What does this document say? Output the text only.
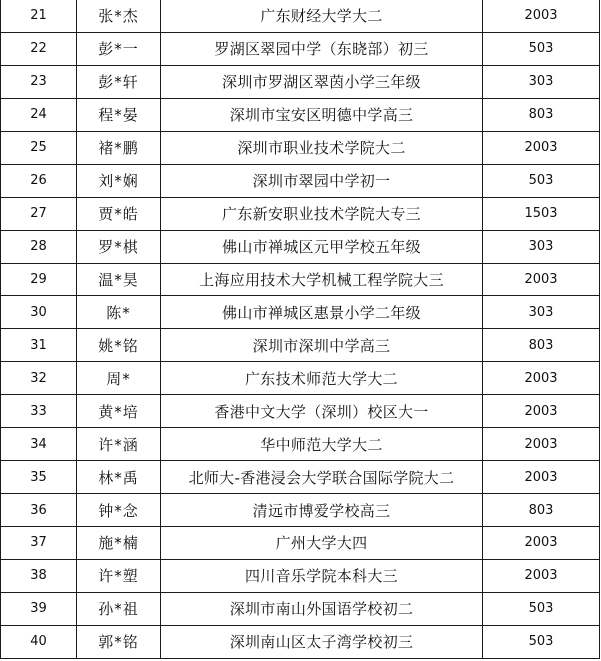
21	张*杰	广东财经大学大二	2003
22	彭*一	罗湖区翠园中学（东晓部）初三	503
23	彭*轩	深圳市罗湖区翠茵小学三年级	303
24	程*晏	深圳市宝安区明德中学高三	803
25	褚*鹏	深圳市职业技术学院大二	2003
26	刘*娴	深圳市翠园中学初一	503
27	贾*皓	广东新安职业技术学院大专三	1503
28	罗*棋	佛山市禅城区元甲学校五年级	303
29	温*昊	上海应用技术大学机械工程学院大三	2003
30	陈*	佛山市禅城区惠景小学二年级	303
31	姚*铭	深圳市深圳中学高三	803
32	周*	广东技术师范大学大二	2003
33	黄*培	香港中文大学（深圳）校区大一	2003
34	许*涵	华中师范大学大二	2003
35	林*禹	北师大-香港浸会大学联合国际学院大二	2003
36	钟*念	清远市博爱学校高三	803
37	施*楠	广州大学大四	2003
38	许*塑	四川音乐学院本科大三	2003
39	孙*祖	深圳市南山外国语学校初二	503
40	郭*铭	深圳南山区太子湾学校初三	503
